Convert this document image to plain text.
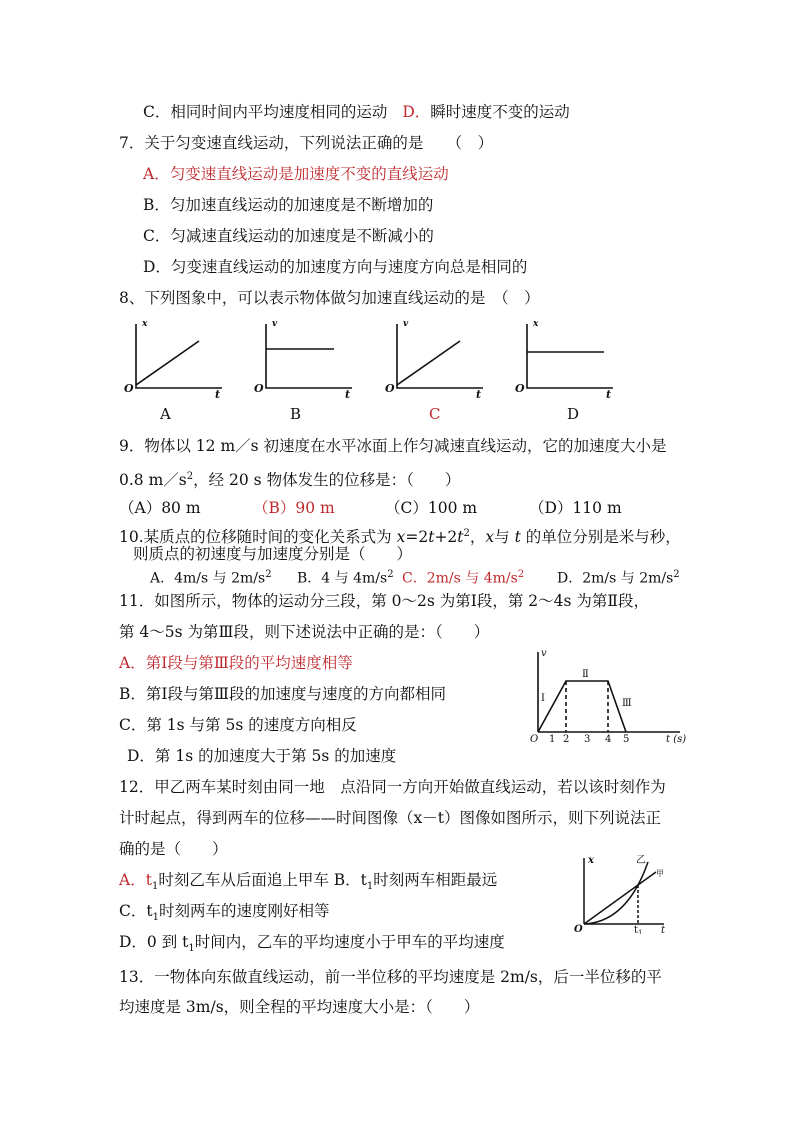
C．相同时间内平均速度相同的运动 D．瞬时速度不变的运动
7．关于匀变速直线运动，下列说法正确的是　　（　）
A．匀变速直线运动是加速度不变的直线运动
B．匀加速直线运动的加速度是不断增加的
C．匀减速直线运动的加速度是不断减小的
D．匀变速直线运动的加速度方向与速度方向总是相同的
8、下列图象中，可以表示物体做匀加速直线运动的是　（　）
x	v	v	x
O	O	O	O
t	t	t	t
A	B	C	D
9．物体以 12 m／s 初速度在水平冰面上作匀减速直线运动，它的加速度大小是
0.8 $m/s^2$，经 20 s 物体发生的位移是：（　　）
（A）80 m	（B）90 m	（C）100 m	（D）110 m
10.某质点的位移随时间的变化关系式为 $x=2t+2t^2$，x与 t 的单位分别是米与秒，
则质点的初速度与加速度分别是（　　）
A．4m/s 与 $2m/s^2$ B．4 与 $4m/s^2$ C．2m/s 与 $4m/s^2$ D．2m/s 与 $2m/s^2$
11．如图所示，物体的运动分三段，第 0～2s 为第Ⅰ段，第 2～4s 为第Ⅱ段，
第 4～5s 为第Ⅲ段，则下述说法中正确的是：（　　）
A．第Ⅰ段与第Ⅲ段的平均速度相等
B．第Ⅰ段与第Ⅲ段的加速度与速度的方向都相同
C．第 1s 与第 5s 的速度方向相反
D．第 1s 的加速度大于第 5s 的加速度
v
O 1 2 3 4 5	t (s)
Ⅰ
Ⅱ
Ⅲ
12．甲乙两车某时刻由同一地　点沿同一方向开始做直线运动，若以该时刻作为
计时起点，得到两车的位移——时间图像（x－t）图像如图所示，则下列说法正
确的是（　　）
A．$t_1$时刻乙车从后面追上甲车 B．$t_1$时刻两车相距最远
C．$t_1$时刻两车的速度刚好相等
D．0 到 $t_1$时间内，乙车的平均速度小于甲车的平均速度
x
O	t
$t_1$
乙
甲
13．一物体向东做直线运动，前一半位移的平均速度是 2m/s，后一半位移的平
均速度是 3m/s，则全程的平均速度大小是：（　　）
